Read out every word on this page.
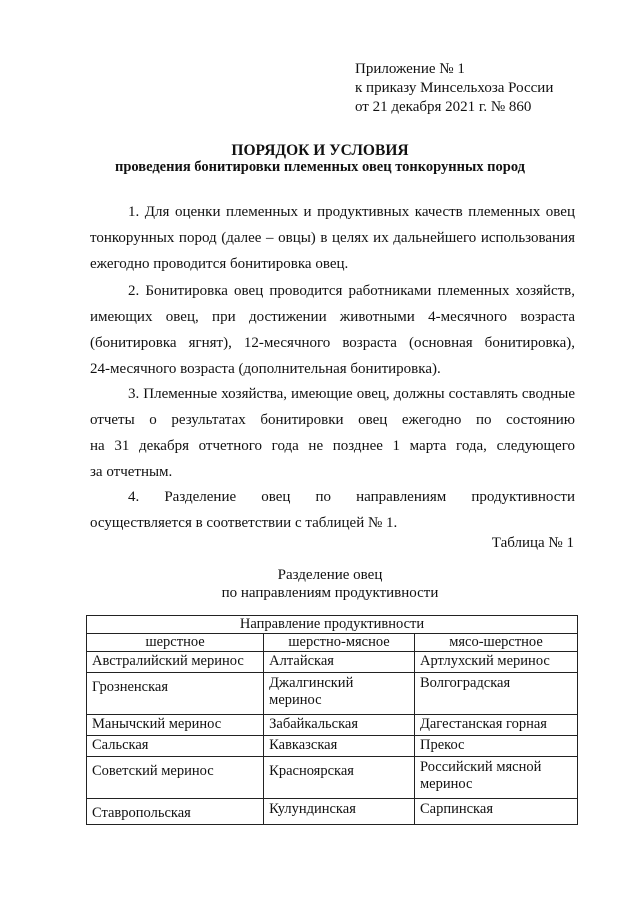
Приложение № 1
к приказу Минсельхоза России
от 21 декабря 2021 г. № 860
ПОРЯДОК И УСЛОВИЯ
проведения бонитировки племенных овец тонкорунных пород
1. Для оценки племенных и продуктивных качеств племенных овец
тонкорунных пород (далее – овцы) в целях их дальнейшего использования
ежегодно проводится бонитировка овец.
2. Бонитировка овец проводится работниками племенных хозяйств,
имеющих овец, при достижении животными 4-месячного возраста
(бонитировка ягнят), 12-месячного возраста (основная бонитировка),
24-месячного возраста (дополнительная бонитировка).
3. Племенные хозяйства, имеющие овец, должны составлять сводные
отчеты о результатах бонитировки овец ежегодно по состоянию
на 31 декабря отчетного года не позднее 1 марта года, следующего
за отчетным.
4. Разделение овец по направлениям продуктивности
осуществляется в соответствии с таблицей № 1.
Таблица № 1
Разделение овец
по направлениям продуктивности
Направление продуктивности		
шерстное	шерстно-мясное	мясо-шерстное
Австралийский меринос	Алтайская	Артлухский меринос
Грозненская	Джалгинский меринос	Волгоградская
Манычский меринос	Забайкальская	Дагестанская горная
Сальская	Кавказская	Прекос
Советский меринос	Красноярская	Российский мясной меринос
Ставропольская	Кулундинская	Сарпинская
